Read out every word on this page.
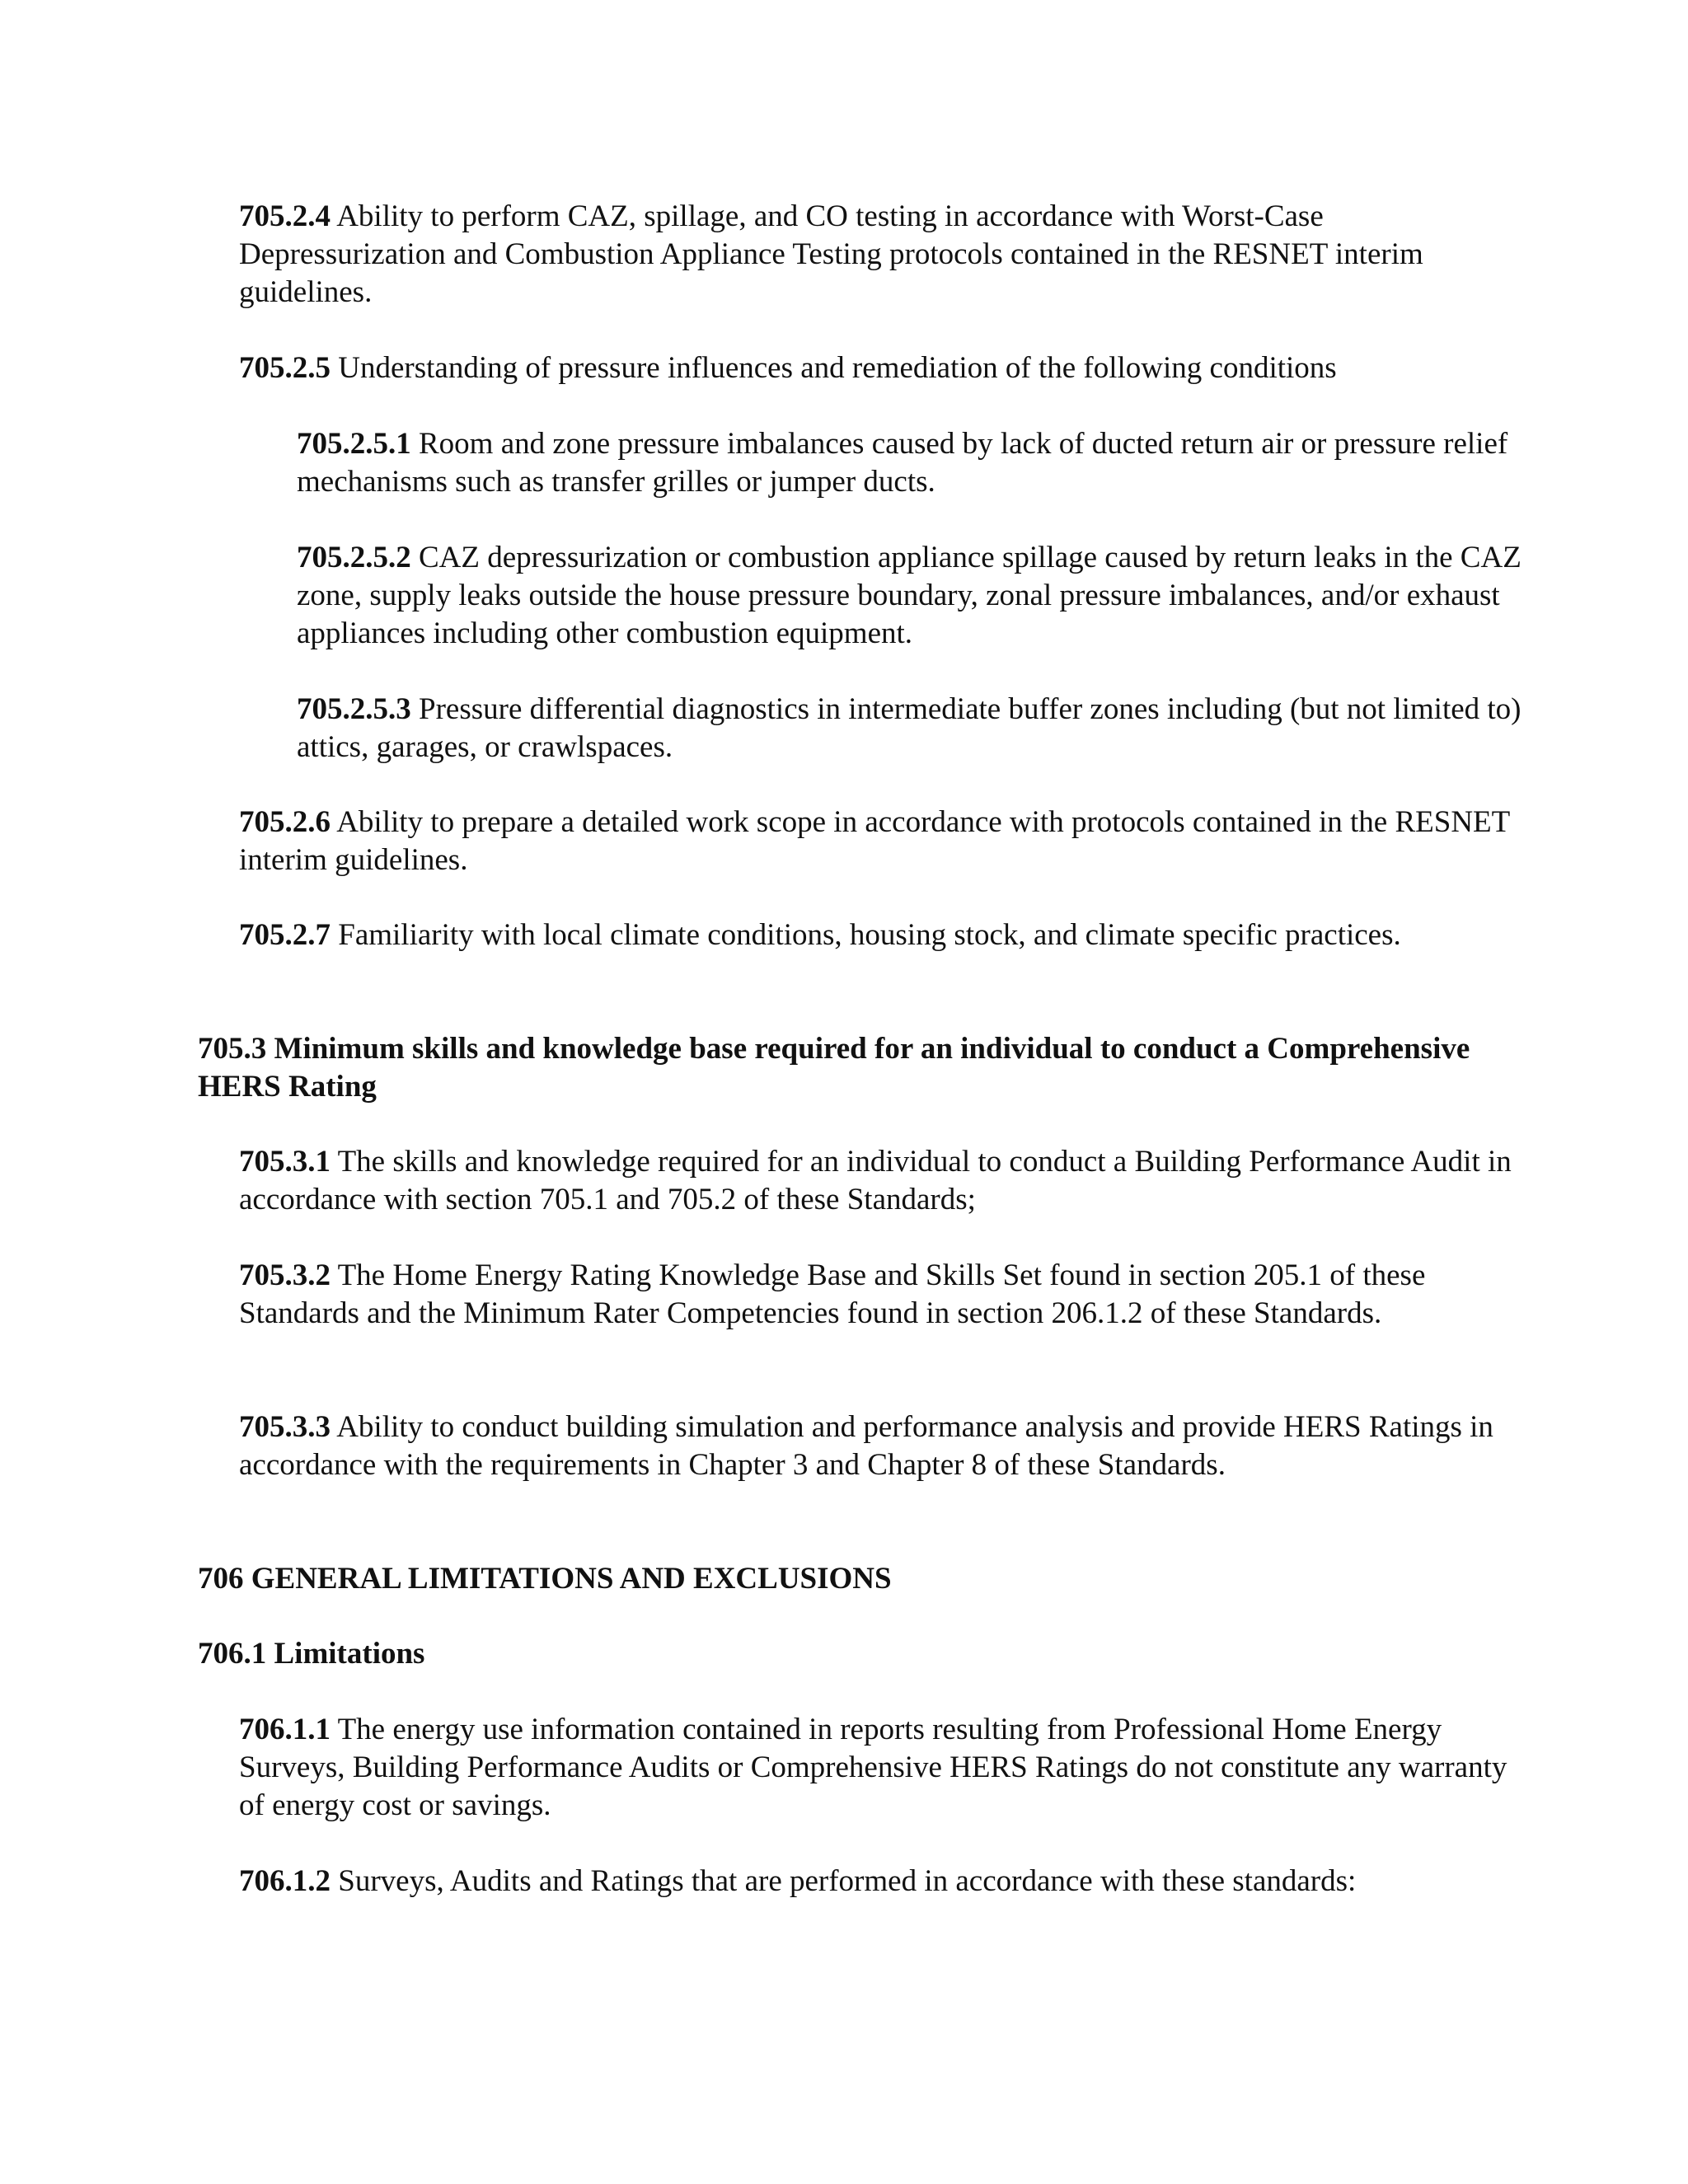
705.2.4 Ability to perform CAZ, spillage, and CO testing in accordance with Worst-Case Depressurization and Combustion Appliance Testing protocols contained in the RESNET interim guidelines.

705.2.5 Understanding of pressure influences and remediation of the following conditions

705.2.5.1 Room and zone pressure imbalances caused by lack of ducted return air or pressure relief mechanisms such as transfer grilles or jumper ducts.

705.2.5.2 CAZ depressurization or combustion appliance spillage caused by return leaks in the CAZ zone, supply leaks outside the house pressure boundary, zonal pressure imbalances, and/or exhaust appliances including other combustion equipment.

705.2.5.3 Pressure differential diagnostics in intermediate buffer zones including (but not limited to) attics, garages, or crawlspaces.

705.2.6 Ability to prepare a detailed work scope in accordance with protocols contained in the RESNET interim guidelines.

705.2.7 Familiarity with local climate conditions, housing stock, and climate specific practices.

705.3 Minimum skills and knowledge base required for an individual to conduct a Comprehensive HERS Rating

705.3.1 The skills and knowledge required for an individual to conduct a Building Performance Audit in accordance with section 705.1 and 705.2 of these Standards;

705.3.2 The Home Energy Rating Knowledge Base and Skills Set found in section 205.1 of these Standards and the Minimum Rater Competencies found in section 206.1.2 of these Standards.

705.3.3 Ability to conduct building simulation and performance analysis and provide HERS Ratings in accordance with the requirements in Chapter 3 and Chapter 8 of these Standards.

706 GENERAL LIMITATIONS AND EXCLUSIONS

706.1 Limitations

706.1.1 The energy use information contained in reports resulting from Professional Home Energy Surveys, Building Performance Audits or Comprehensive HERS Ratings do not constitute any warranty of energy cost or savings.

706.1.2 Surveys, Audits and Ratings that are performed in accordance with these standards:
